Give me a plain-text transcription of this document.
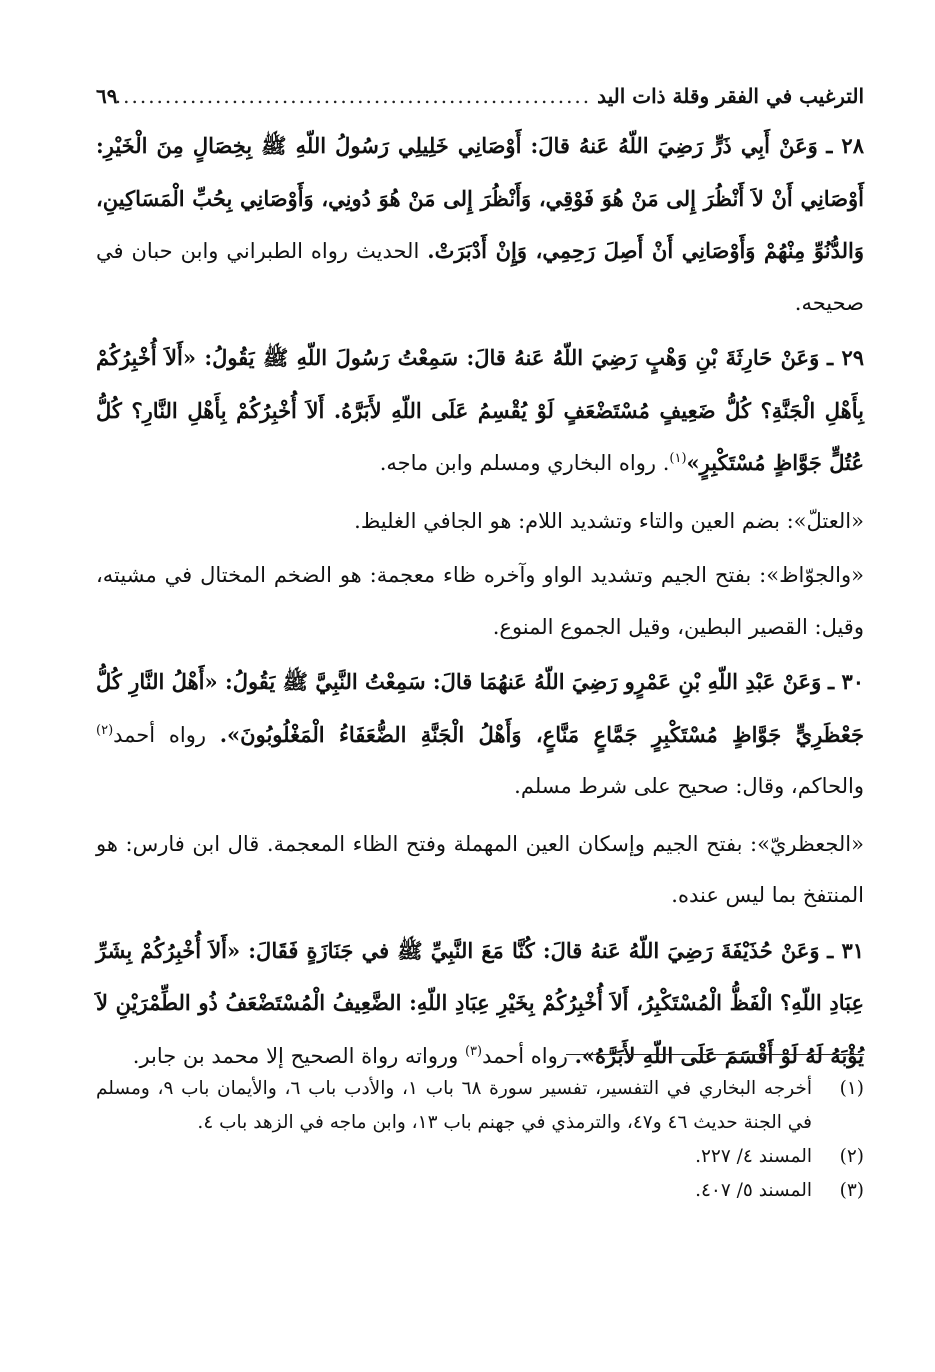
الترغيب في الفقر وقلة ذات اليد
.....
٦٩

٢٨ ـ وَعَنْ أَبِي ذَرٍّ رَضِيَ اللّهُ عَنهُ قالَ: أَوْصَانِي خَلِيلِي رَسُولُ اللّهِ ﷺ بِخِصَالٍ مِنَ الْخَيْرِ: أَوْصَانِي أَنْ لاَ أَنْظُرَ إِلى مَنْ هُوَ فَوْقِي، وَأَنْظُرَ إِلى مَنْ هُوَ دُونِي، وَأَوْصَانِي بِحُبِّ الْمَسَاكِينِ، وَالدُّنُوِّ مِنْهُمْ وَأَوْصَانِي أَنْ أَصِلَ رَحِمِي، وَإِنْ أَدْبَرَتْ. الحديث رواه الطبراني وابن حبان في صحيحه.

٢٩ ـ وَعَنْ حَارِثَةَ بْنِ وَهْبٍ رَضِيَ اللّهُ عَنهُ قالَ: سَمِعْتُ رَسُولَ اللّهِ ﷺ يَقُولُ: «أَلاَ أُخْبِرُكُمْ بِأَهْلِ الْجَنَّةِ؟ كُلُّ ضَعِيفٍ مُسْتَضْعَفٍ لَوْ يُقْسِمُ عَلَى اللّهِ لأَبَرَّهُ. أَلاَ أُخْبِرُكُمْ بِأَهْلِ النَّارِ؟ كُلُّ عُتُلٍّ جَوَّاظٍ مُسْتَكْبِرٍ»$^{(١)}$. رواه البخاري ومسلم وابن ماجه.

«العتلّ»: بضم العين والتاء وتشديد اللام: هو الجافي الغليظ.

«والجوّاظ»: بفتح الجيم وتشديد الواو وآخره ظاء معجمة: هو الضخم المختال في مشيته، وقيل: القصير البطين، وقيل الجموع المنوع.

٣٠ ـ وَعَنْ عَبْدِ اللّهِ بْنِ عَمْرٍو رَضِيَ اللّهُ عَنهُمَا قالَ: سَمِعْتُ النَّبِيَّ ﷺ يَقُولُ: «أَهْلُ النَّارِ كُلُّ جَعْظَرِيٍّ جَوَّاظٍ مُسْتَكْبِرٍ جَمَّاعٍ مَنَّاعٍ، وَأَهْلُ الْجَنَّةِ الضُّعَفَاءُ الْمَغْلُوبُونَ». رواه أحمد$^{(٢)}$ والحاكم، وقال: صحيح على شرط مسلم.

«الجعظريّ»: بفتح الجيم وإسكان العين المهملة وفتح الظاء المعجمة. قال ابن فارس: هو المنتفخ بما ليس عنده.

٣١ ـ وَعَنْ حُذَيْفَةَ رَضِيَ اللّهُ عَنهُ قالَ: كُنَّا مَعَ النَّبِيِّ ﷺ في جَنَازَةٍ فَقَالَ: «أَلاَ أُخْبِرُكُمْ بِشَرِّ عِبَادِ اللّهِ؟ الْفَظُّ الْمُسْتَكْبِرُ، أَلاَ أُخْبِرُكُمْ بِخَيْرِ عِبَادِ اللّهِ: الضَّعِيفُ الْمُسْتَضْعَفُ ذُو الطِّمْرَيْنِ لاَ يُؤْبَهُ لَهُ لَوْ أَقْسَمَ عَلَى اللّهِ لأَبَرَّهُ». رواه أحمد$^{(٣)}$ ورواته رواة الصحيح إلا محمد بن جابر.

(١)
أخرجه البخاري في التفسير، تفسير سورة ٦٨ باب ١، والأدب باب ٦، والأيمان باب ٩، ومسلم في الجنة حديث ٤٦ و٤٧، والترمذي في جهنم باب ١٣، وابن ماجه في الزهد باب ٤.
(٢)
المسند ٤/ ٢٢٧.
(٣)
المسند ٥/ ٤٠٧.
